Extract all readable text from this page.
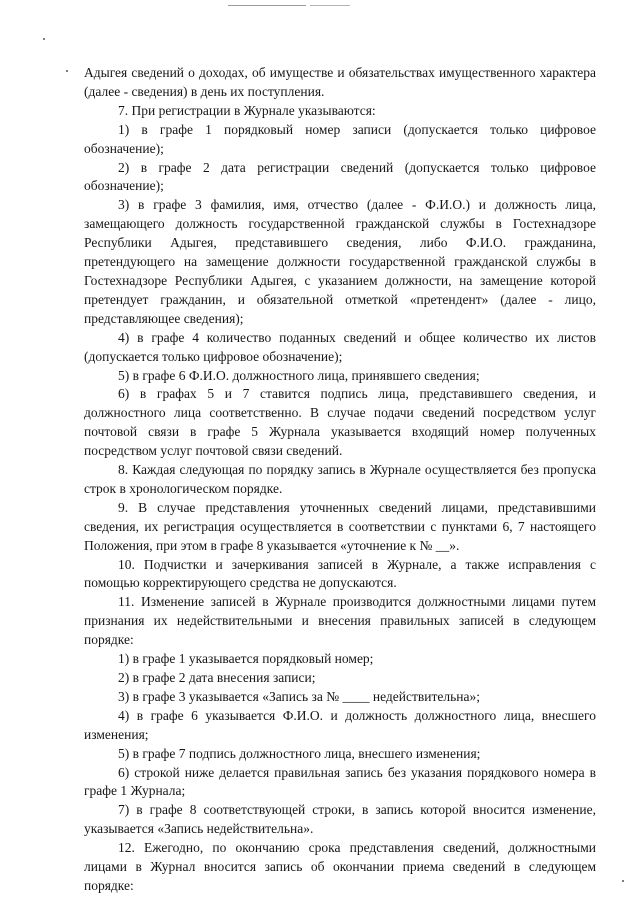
Адыгея сведений о доходах, об имуществе и обязательствах имущественного характера (далее - сведения) в день их поступления.

7. При регистрации в Журнале указываются:

1) в графе 1 порядковый номер записи (допускается только цифровое обозначение);

2) в графе 2 дата регистрации сведений (допускается только цифровое обозначение);

3) в графе 3 фамилия, имя, отчество (далее - Ф.И.О.) и должность лица, замещающего должность государственной гражданской службы в Гостехнадзоре Республики Адыгея, представившего сведения, либо Ф.И.О. гражданина, претендующего на замещение должности государственной гражданской службы в Гостехнадзоре Республики Адыгея, с указанием должности, на замещение которой претендует гражданин, и обязательной отметкой «претендент» (далее - лицо, представляющее сведения);

4) в графе 4 количество поданных сведений и общее количество их листов (допускается только цифровое обозначение);

5) в графе 6 Ф.И.О. должностного лица, принявшего сведения;

6) в графах 5 и 7 ставится подпись лица, представившего сведения, и должностного лица соответственно. В случае подачи сведений посредством услуг почтовой связи в графе 5 Журнала указывается входящий номер полученных посредством услуг почтовой связи сведений.

8. Каждая следующая по порядку запись в Журнале осуществляется без пропуска строк в хронологическом порядке.

9. В случае представления уточненных сведений лицами, представившими сведения, их регистрация осуществляется в соответствии с пунктами 6, 7 настоящего Положения, при этом в графе 8 указывается «уточнение к № __».

10. Подчистки и зачеркивания записей в Журнале, а также исправления с помощью корректирующего средства не допускаются.

11. Изменение записей в Журнале производится должностными лицами путем признания их недействительными и внесения правильных записей в следующем порядке:

1) в графе 1 указывается порядковый номер;

2) в графе 2 дата внесения записи;

3) в графе 3 указывается «Запись за № ____ недействительна»;

4) в графе 6 указывается Ф.И.О. и должность должностного лица, внесшего изменения;

5) в графе 7 подпись должностного лица, внесшего изменения;

6) строкой ниже делается правильная запись без указания порядкового номера в графе 1 Журнала;

7) в графе 8 соответствующей строки, в запись которой вносится изменение, указывается «Запись недействительна».

12. Ежегодно, по окончанию срока представления сведений, должностными лицами в Журнал вносится запись об окончании приема сведений в следующем порядке:
